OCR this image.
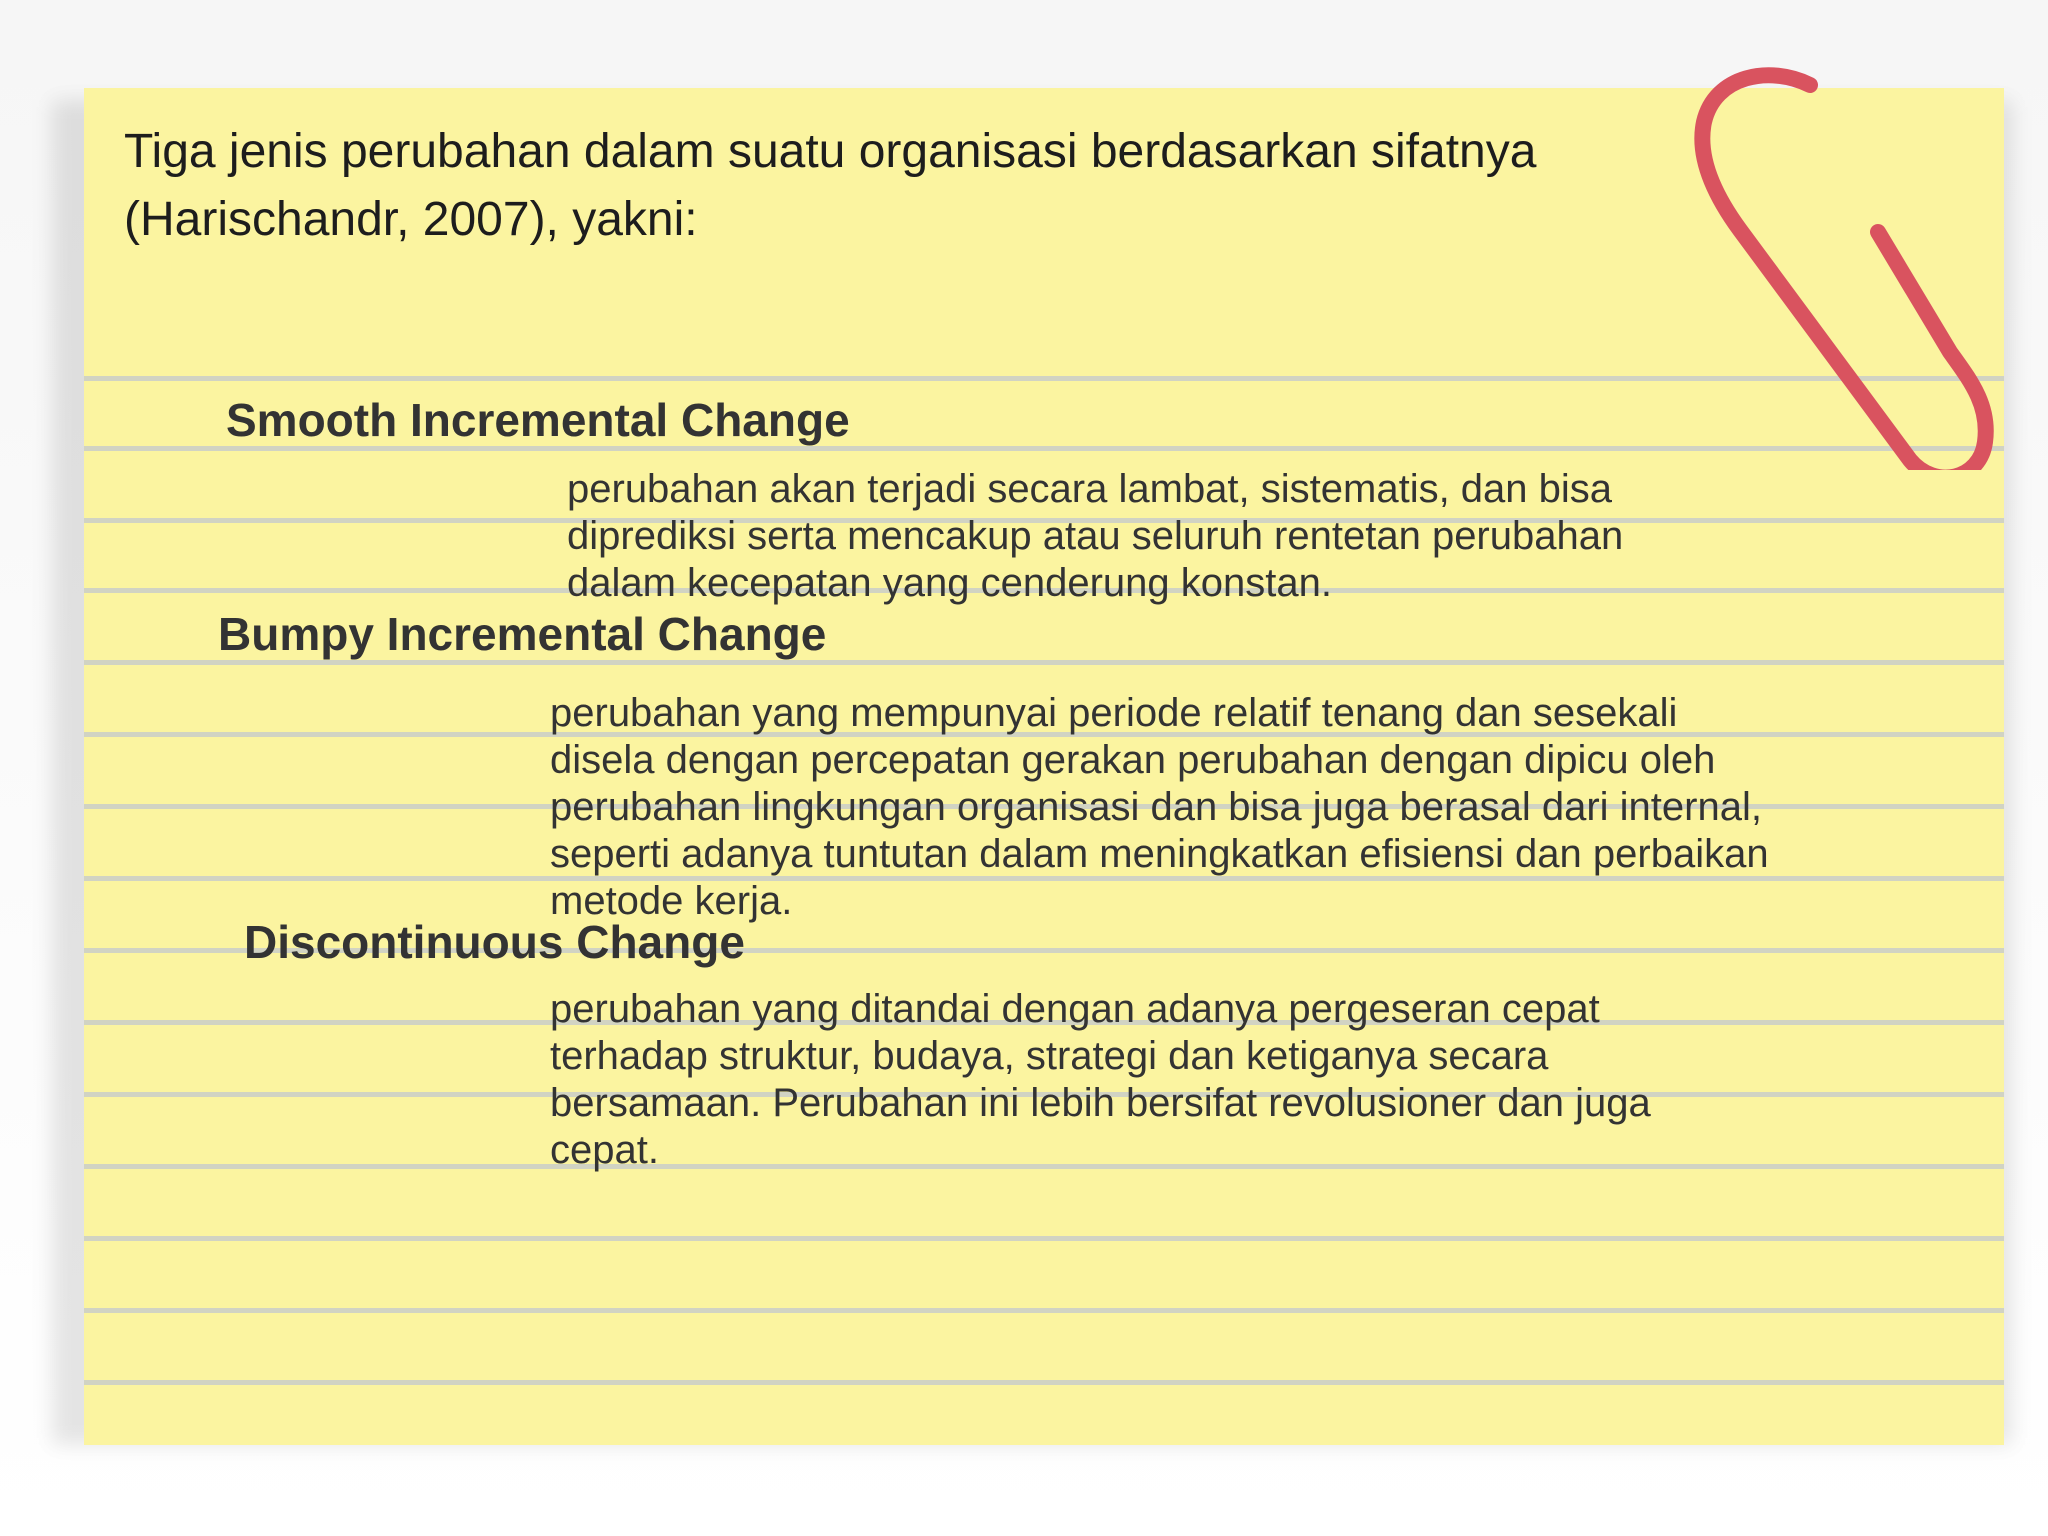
Tiga jenis perubahan dalam suatu organisasi berdasarkan sifatnya
(Harischandr, 2007), yakni:
Smooth Incremental Change
perubahan akan terjadi secara lambat, sistematis, dan bisa
diprediksi serta mencakup atau seluruh rentetan perubahan
dalam kecepatan yang cenderung konstan.
Bumpy Incremental Change
perubahan yang mempunyai periode relatif tenang dan sesekali
disela dengan percepatan gerakan perubahan dengan dipicu oleh
perubahan lingkungan organisasi dan bisa juga berasal dari internal,
seperti adanya tuntutan dalam meningkatkan efisiensi dan perbaikan
metode kerja.
Discontinuous Change
perubahan yang ditandai dengan adanya pergeseran cepat
terhadap struktur, budaya, strategi dan ketiganya secara
bersamaan. Perubahan ini lebih bersifat revolusioner dan juga
cepat.
